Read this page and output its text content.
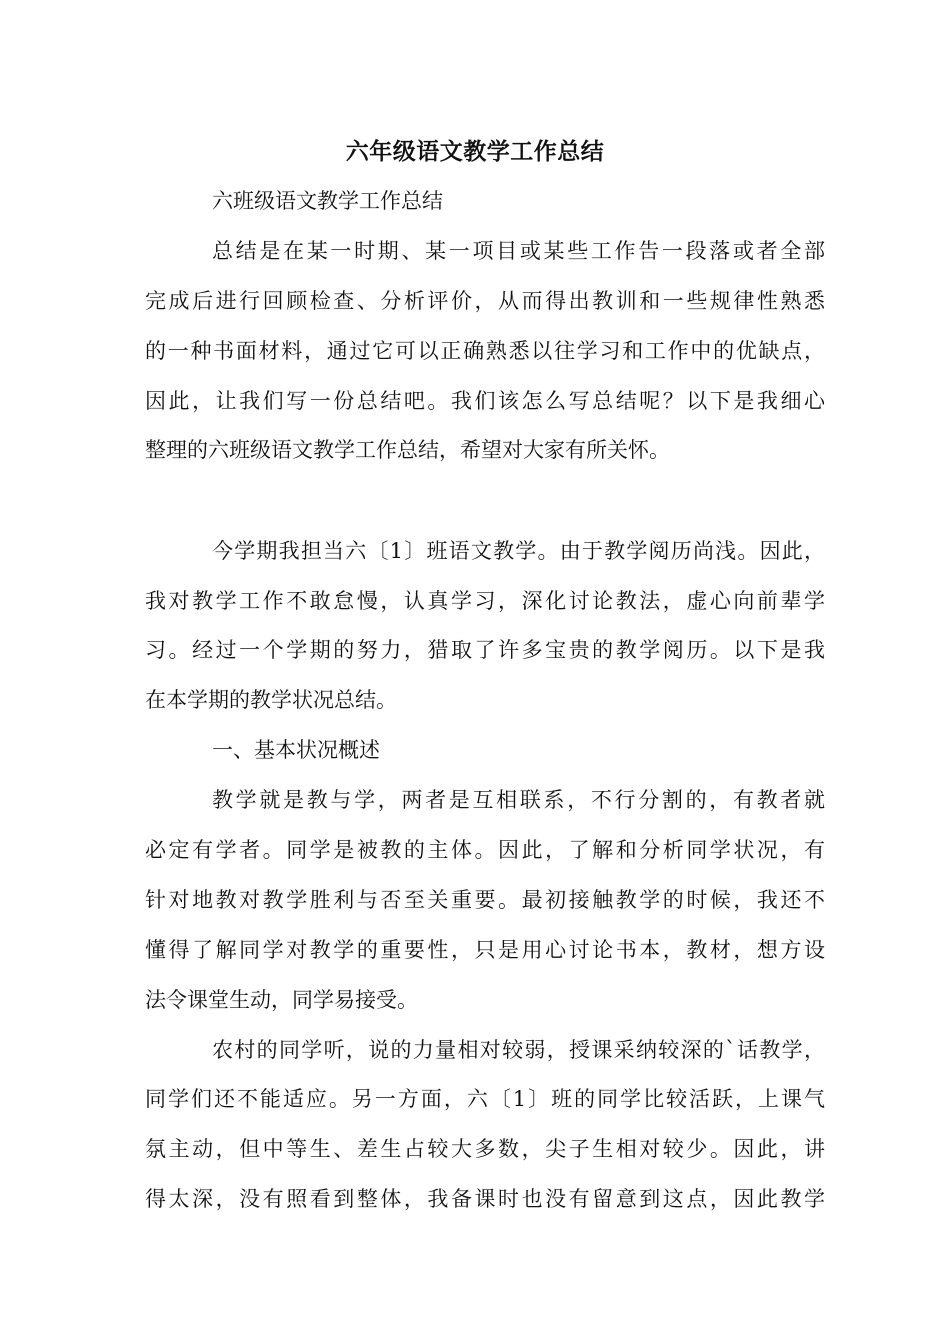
六年级语文教学工作总结
六班级语文教学工作总结
总结是在某一时期、某一项目或某些工作告一段落或者全部
完成后进行回顾检查、分析评价，从而得出教训和一些规律性熟悉
的一种书面材料，通过它可以正确熟悉以往学习和工作中的优缺点，
因此，让我们写一份总结吧。我们该怎么写总结呢？以下是我细心
整理的六班级语文教学工作总结，希望对大家有所关怀。
今学期我担当六〔1〕班语文教学。由于教学阅历尚浅。因此，
我对教学工作不敢怠慢，认真学习，深化讨论教法，虚心向前辈学
习。经过一个学期的努力，猎取了许多宝贵的教学阅历。以下是我
在本学期的教学状况总结。
一、基本状况概述
教学就是教与学，两者是互相联系，不行分割的，有教者就
必定有学者。同学是被教的主体。因此，了解和分析同学状况，有
针对地教对教学胜利与否至关重要。最初接触教学的时候，我还不
懂得了解同学对教学的重要性，只是用心讨论书本，教材，想方设
法令课堂生动，同学易接受。
农村的同学听，说的力量相对较弱，授课采纳较深的`话教学，
同学们还不能适应。另一方面，六〔1〕班的同学比较活跃，上课气
氛主动，但中等生、差生占较大多数，尖子生相对较少。因此，讲
得太深，没有照看到整体，我备课时也没有留意到这点，因此教学
